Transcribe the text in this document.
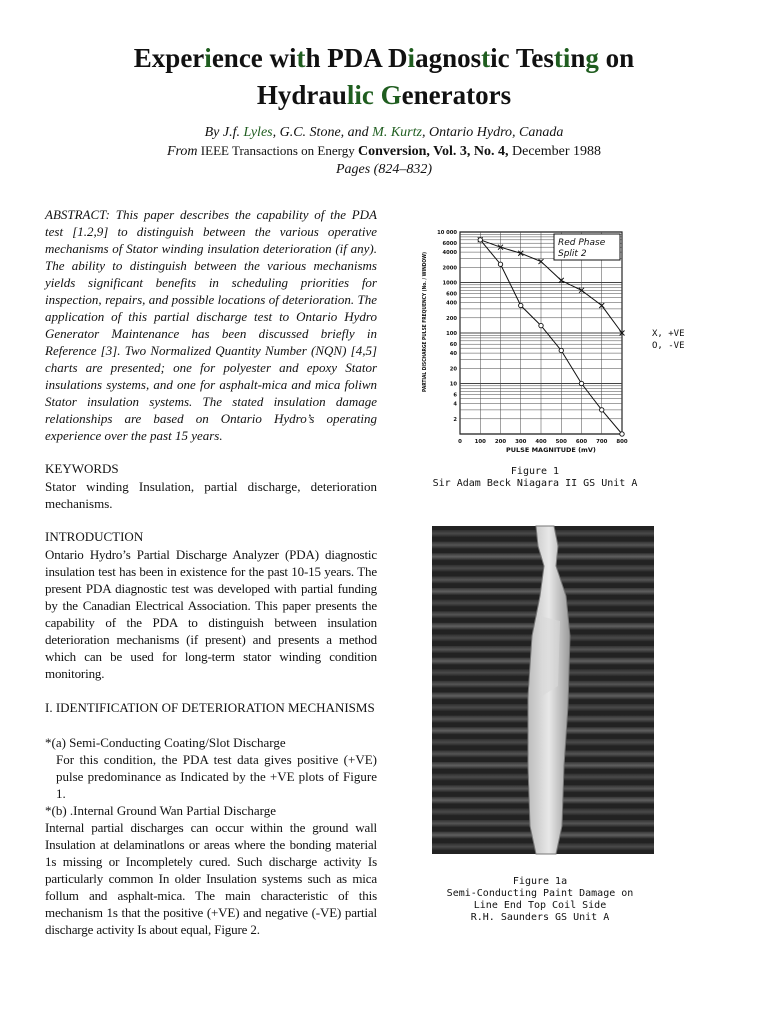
Experience with PDA Diagnostic Testing on
Hydraulic Generators
By J.f. Lyles, G.C. Stone, and M. Kurtz, Ontario Hydro, Canada
From IEEE Transactions on Energy Conversion, Vol. 3, No. 4, December 1988
Pages (824–832)
ABSTRACT: This paper describes the capability of the PDA test [1.2,9] to distinguish between the various operative mechanisms of Stator winding insulation deterioration (if any). The ability to distinguish between the various mechanisms yields significant benefits in scheduling priorities for inspection, repairs, and possible locations of deterioration. The application of this partial discharge test to Ontario Hydro Generator Maintenance has been discussed briefly in Reference [3]. Two Normalized Quantity Number (NQN) [4,5] charts are presented; one for polyester and epoxy Stator insulations systems, and one for asphalt-mica and mica foliwn Stator insulation systems. The stated insulation damage relationships are based on Ontario Hydro’s operating experience over the past 15 years.
KEYWORDS
Stator winding Insulation, partial discharge, deterioration mechanisms.
INTRODUCTION
Ontario Hydro’s Partial Discharge Analyzer (PDA) diagnostic insulation test has been in existence for the past 10-15 years. The present PDA diagnostic test was developed with partial funding by the Canadian Electrical Association. This paper presents the capability of the PDA to distinguish between insulation deterioration mechanisms (if present) and presents a method which can be used for long-term stator winding condition monitoring.
I. IDENTIFICATION OF DETERIORATION MECHANISMS
*(a) Semi-Conducting Coating/Slot Discharge
For this condition, the PDA test data gives positive (+VE) pulse predominance as Indicated by the +VE plots of Figure 1.
*(b) .Internal Ground Wan Partial Discharge
Internal partial discharges can occur within the ground wall Insulation at delaminatlons or areas where the bonding material 1s missing or Incompletely cured. Such discharge activity Is particularly common In older Insulation systems such as mica follum and asphalt-mica. The main characteristic of this mechanism 1s that the positive (+VE) and negative (-VE) partial discharge activity Is about equal, Figure 2.
10 000
6000
4000
2000
1000
600
400
200
100
60
40
20
10
6
4
2
0 100 200 300 400 500 600 700 800
PARTIAL DISCHARGE PULSE FREQUENCY (No. / WINDOW)
PULSE MAGNITUDE (mV)
Red Phase
Split 2
X, +VE
O, -VE
Figure 1
Sir Adam Beck Niagara II GS Unit A
Figure 1a
Semi-Conducting Paint Damage on
Line End Top Coil Side
R.H. Saunders GS Unit A
